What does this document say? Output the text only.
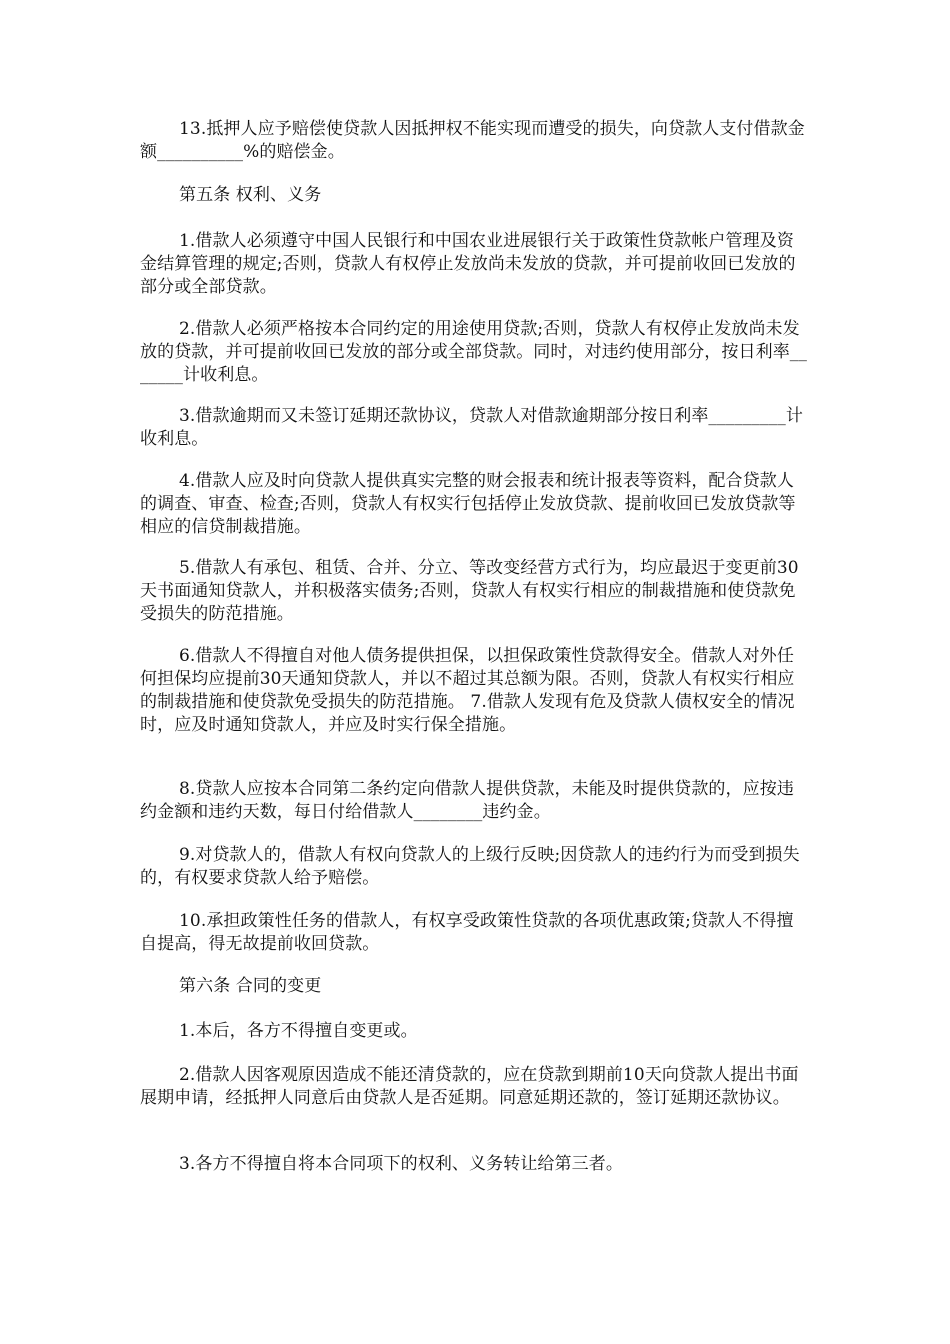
13.抵押人应予赔偿使贷款人因抵押权不能实现而遭受的损失，向贷款人支付借款金额__________%的赔偿金。

第五条 权利、义务

1.借款人必须遵守中国人民银行和中国农业进展银行关于政策性贷款帐户管理及资金结算管理的规定;否则，贷款人有权停止发放尚未发放的贷款，并可提前收回已发放的部分或全部贷款。

2.借款人必须严格按本合同约定的用途使用贷款;否则，贷款人有权停止发放尚未发放的贷款，并可提前收回已发放的部分或全部贷款。同时，对违约使用部分，按日利率_______计收利息。

3.借款逾期而又未签订延期还款协议，贷款人对借款逾期部分按日利率_________计收利息。

4.借款人应及时向贷款人提供真实完整的财会报表和统计报表等资料，配合贷款人的调查、审查、检查;否则，贷款人有权实行包括停止发放贷款、提前收回已发放贷款等相应的信贷制裁措施。

5.借款人有承包、租赁、合并、分立、等改变经营方式行为，均应最迟于变更前30天书面通知贷款人，并积极落实债务;否则，贷款人有权实行相应的制裁措施和使贷款免受损失的防范措施。

6.借款人不得擅自对他人债务提供担保，以担保政策性贷款得安全。借款人对外任何担保均应提前30天通知贷款人，并以不超过其总额为限。否则，贷款人有权实行相应的制裁措施和使贷款免受损失的防范措施。 7.借款人发现有危及贷款人债权安全的情况时，应及时通知贷款人，并应及时实行保全措施。

8.贷款人应按本合同第二条约定向借款人提供贷款，未能及时提供贷款的，应按违约金额和违约天数，每日付给借款人________违约金。

9.对贷款人的，借款人有权向贷款人的上级行反映;因贷款人的违约行为而受到损失的，有权要求贷款人给予赔偿。

10.承担政策性任务的借款人，有权享受政策性贷款的各项优惠政策;贷款人不得擅自提高，得无故提前收回贷款。

第六条 合同的变更

1.本后，各方不得擅自变更或。

2.借款人因客观原因造成不能还清贷款的，应在贷款到期前10天向贷款人提出书面展期申请，经抵押人同意后由贷款人是否延期。同意延期还款的，签订延期还款协议。

3.各方不得擅自将本合同项下的权利、义务转让给第三者。
